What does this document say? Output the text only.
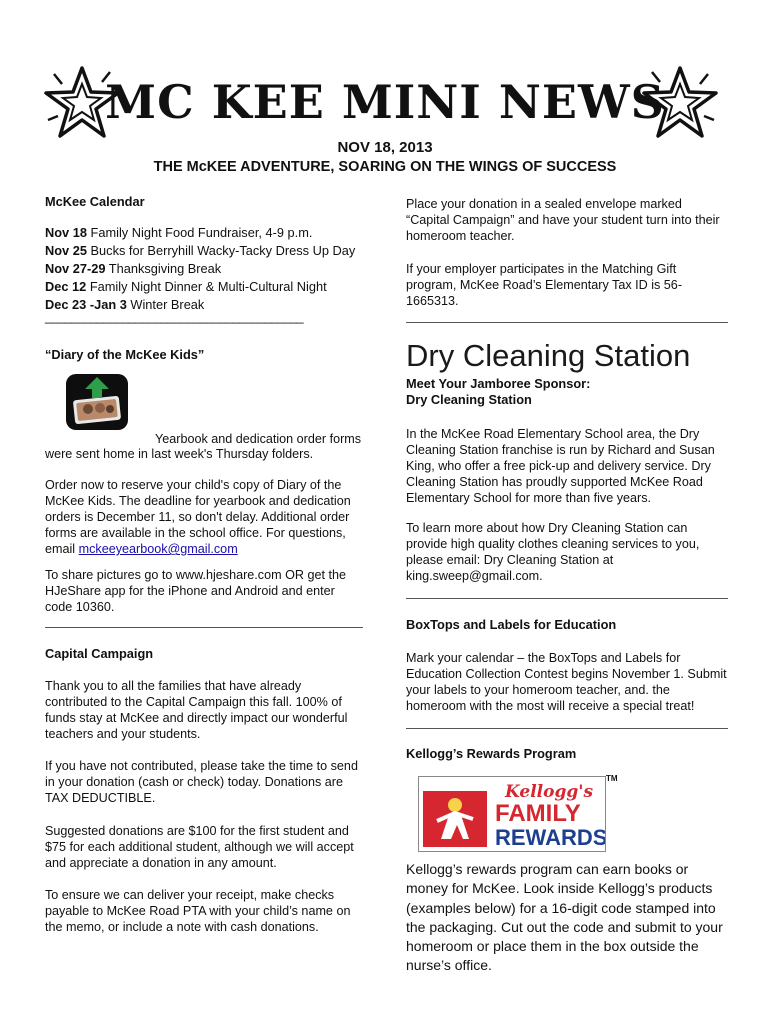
MC KEE MINI NEWS
NOV 18, 2013
THE McKEE ADVENTURE, SOARING ON THE WINGS OF SUCCESS
McKee Calendar
Nov 18 Family Night Food Fundraiser, 4-9 p.m.
Nov 25 Bucks for Berryhill Wacky-Tacky Dress Up Day
Nov 27-29 Thanksgiving Break
Dec 12 Family Night Dinner & Multi-Cultural Night
Dec 23 -Jan 3 Winter Break
________________________________________
“Diary of the McKee Kids”
Yearbook and dedication order forms
were sent home in last week's Thursday folders.
Order now to reserve your child's copy of Diary of the McKee Kids. The deadline for yearbook and dedication orders is December 11, so don't delay. Additional order forms are available in the school office. For questions, email mckeeyearbook@gmail.com

To share pictures go to www.hjeshare.com OR get the HJeShare app for the iPhone and Android and enter code 10360.

Capital Campaign

Thank you to all the families that have already contributed to the Capital Campaign this fall. 100% of funds stay at McKee and directly impact our wonderful teachers and your students.

If you have not contributed, please take the time to send in your donation (cash or check) today. Donations are TAX DEDUCTIBLE.

Suggested donations are $100 for the first student and $75 for each additional student, although we will accept and appreciate a donation in any amount.

To ensure we can deliver your receipt, make checks payable to McKee Road PTA with your child’s name on the memo, or include a note with cash donations.

Place your donation in a sealed envelope marked “Capital Campaign” and have your student turn into their homeroom teacher.

If your employer participates in the Matching Gift program, McKee Road’s Elementary Tax ID is 56-1665313.

Dry Cleaning Station
Meet Your Jamboree Sponsor:
Dry Cleaning Station

In the McKee Road Elementary School area, the Dry Cleaning Station franchise is run by Richard and Susan King, who offer a free pick-up and delivery service. Dry Cleaning Station has proudly supported McKee Road Elementary School for more than five years.

To learn more about how Dry Cleaning Station can provide high quality clothes cleaning services to you, please email: Dry Cleaning Station at king.sweep@gmail.com.

BoxTops and Labels for Education

Mark your calendar – the BoxTops and Labels for Education Collection Contest begins November 1. Submit your labels to your homeroom teacher, and. the homeroom with the most will receive a special treat!

Kellogg’s Rewards Program
Kellogg's
FAMILY
REWARDS
TM

Kellogg’s rewards program can earn books or money for McKee. Look inside Kellogg’s products (examples below) for a 16-digit code stamped into the packaging. Cut out the code and submit to your homeroom or place them in the box outside the nurse’s office.
